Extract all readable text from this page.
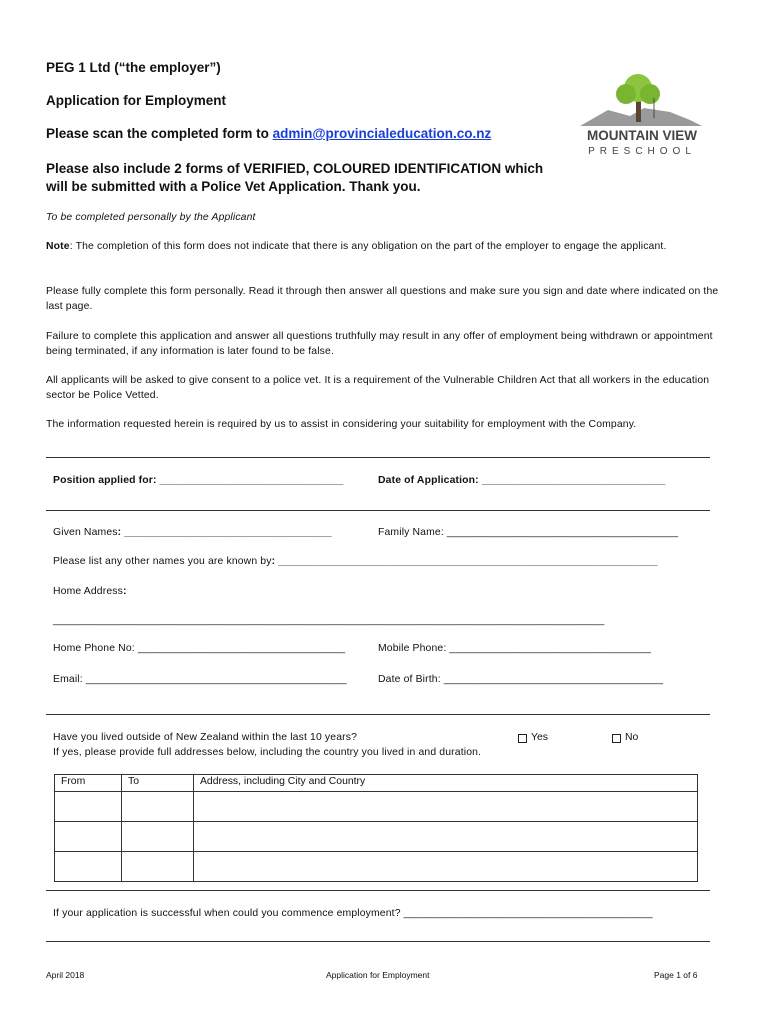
PEG 1 Ltd (“the employer”)
Application for Employment
Please scan the completed form to admin@provincialeducation.co.nz
Please also include 2 forms of VERIFIED, COLOURED IDENTIFICATION which will be submitted with a Police Vet Application. Thank you.
MOUNTAIN VIEW
PRESCHOOL
To be completed personally by the Applicant
Note: The completion of this form does not indicate that there is any obligation on the part of the employer to engage the applicant.
Please fully complete this form personally. Read it through then answer all questions and make sure you sign and date where indicated on the last page.
Failure to complete this application and answer all questions truthfully may result in any offer of employment being withdrawn or appointment being terminated, if any information is later found to be false.
All applicants will be asked to give consent to a police vet. It is a requirement of the Vulnerable Children Act that all workers in the education sector be Police Vetted.
The information requested herein is required by us to assist in considering your suitability for employment with the Company.
Position applied for: _______________________________	Date of Application: _______________________________
Given Names: ___________________________________	Family Name: _______________________________________
Please list any other names you are known by: ________________________________________________________________
Home Address:
_____________________________________________________________________________________________
Home Phone No: ___________________________________	Mobile Phone: __________________________________
Email: ____________________________________________	Date of Birth: _____________________________________
Have you lived outside of New Zealand within the last 10 years?	Yes	No
If yes, please provide full addresses below, including the country you lived in and duration.
From	To	Address, including City and Country

If your application is successful when could you commence employment? __________________________________________
April 2018	Application for Employment	Page 1 of 6
